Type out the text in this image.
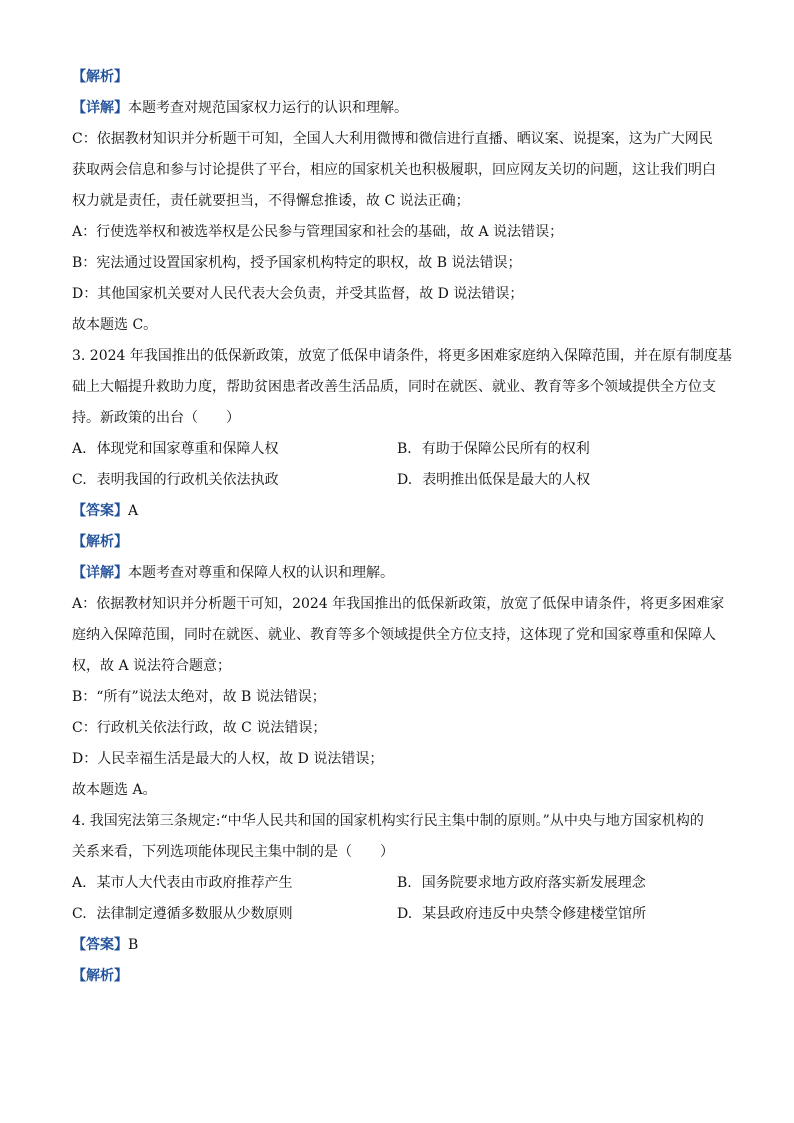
【解析】
【详解】本题考查对规范国家权力运行的认识和理解。
C：依据教材知识并分析题干可知，全国人大利用微博和微信进行直播、晒议案、说提案，这为广大网民
获取两会信息和参与讨论提供了平台，相应的国家机关也积极履职，回应网友关切的问题，这让我们明白
权力就是责任，责任就要担当，不得懈怠推诿，故 C 说法正确；
A：行使选举权和被选举权是公民参与管理国家和社会的基础，故 A 说法错误；
B：宪法通过设置国家机构，授予国家机构特定的职权，故 B 说法错误；
D：其他国家机关要对人民代表大会负责，并受其监督，故 D 说法错误；
故本题选 C。
3. 2024 年我国推出的低保新政策，放宽了低保申请条件，将更多困难家庭纳入保障范围，并在原有制度基
础上大幅提升救助力度，帮助贫困患者改善生活品质，同时在就医、就业、教育等多个领域提供全方位支
持。新政策的出台（　　）
A. 体现党和国家尊重和保障人权	B. 有助于保障公民所有的权利
C. 表明我国的行政机关依法执政	D. 表明推出低保是最大的人权
【答案】A
【解析】
【详解】本题考查对尊重和保障人权的认识和理解。
A：依据教材知识并分析题干可知，2024 年我国推出的低保新政策，放宽了低保申请条件，将更多困难家
庭纳入保障范围，同时在就医、就业、教育等多个领域提供全方位支持，这体现了党和国家尊重和保障人
权，故 A 说法符合题意；
B：“所有”说法太绝对，故 B 说法错误；
C：行政机关依法行政，故 C 说法错误；
D：人民幸福生活是最大的人权，故 D 说法错误；
故本题选 A。
4. 我国宪法第三条规定:“中华人民共和国的国家机构实行民主集中制的原则。”从中央与地方国家机构的
关系来看，下列选项能体现民主集中制的是（　　）
A. 某市人大代表由市政府推荐产生	B. 国务院要求地方政府落实新发展理念
C. 法律制定遵循多数服从少数原则	D. 某县政府违反中央禁令修建楼堂馆所
【答案】B
【解析】
